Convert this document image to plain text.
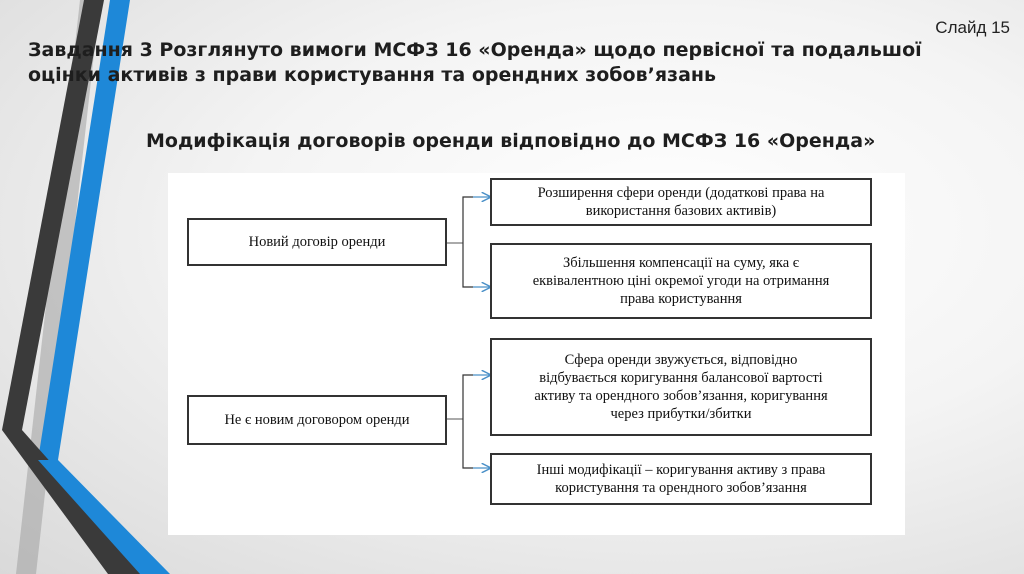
Слайд 15
Завдання 3 Розглянуто вимоги МСФЗ 16 «Оренда» щодо первісної та подальшої
оцінки активів з прави користування та орендних зобов’язань
Модифікація договорів оренди відповідно до МСФЗ 16 «Оренда»
Новий договір оренди
Не є новим договором оренди
Розширення сфери оренди (додаткові права на
використання базових активів)
Збільшення компенсації на суму, яка є
еквівалентною ціні окремої угоди на отримання
права користування
Сфера оренди звужується, відповідно
відбувається коригування балансової вартості
активу та орендного зобов’язання, коригування
через прибутки/збитки
Інші модифікації – коригування активу з права
користування та орендного зобов’язання
